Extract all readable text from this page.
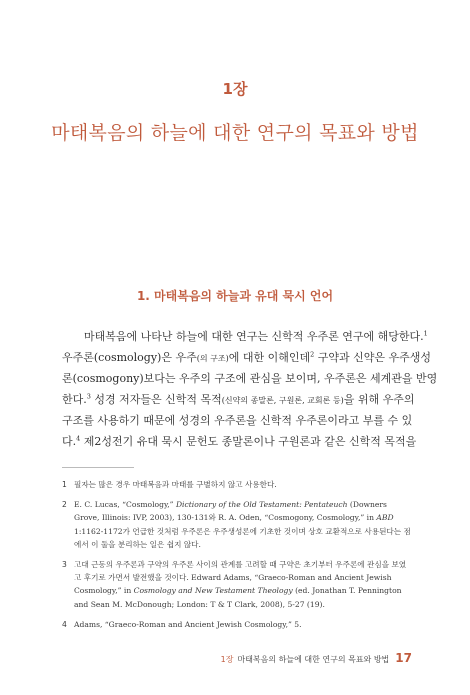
1장
마태복음의 하늘에 대한 연구의 목표와 방법
1. 마태복음의 하늘과 유대 묵시 언어
마태복음에 나타난 하늘에 대한 연구는 신학적 우주론 연구에 해당한다.$^1$
우주론(cosmology)은 우주(의 구조)에 대한 이해인데$^2$ 구약과 신약은 우주생성
론(cosmogony)보다는 우주의 구조에 관심을 보이며, 우주론은 세계관을 반영
한다.$^3$ 성경 저자들은 신학적 목적(신약의 종말론, 구원론, 교회론 등)을 위해 우주의
구조를 사용하기 때문에 성경의 우주론을 신학적 우주론이라고 부를 수 있
다.$^4$ 제2성전기 유대 묵시 문헌도 종말론이나 구원론과 같은 신학적 목적을
1 필자는 많은 경우 마태복음과 마태를 구별하지 않고 사용한다.
2 E. C. Lucas, “Cosmology,” Dictionary of the Old Testament: Pentateuch (Downers Grove, Illinois: IVP, 2003), 130-131와 R. A. Oden, “Cosmogony, Cosmology,” in ABD 1:1162-1172가 언급한 것처럼 우주론은 우주생성론에 기초한 것이며 상호 교환적으로 사용된다는 점에서 이 둘을 분리하는 일은 쉽지 않다.
3 고대 근동의 우주론과 구약의 우주론 사이의 관계를 고려할 때 구약은 초기부터 우주론에 관심을 보였고 후기로 가면서 발전했을 것이다. Edward Adams, “Graeco-Roman and Ancient Jewish Cosmology,” in Cosmology and New Testament Theology (ed. Jonathan T. Pennington and Sean M. McDonough; London: T & T Clark, 2008), 5-27 (19).
4 Adams, “Graeco-Roman and Ancient Jewish Cosmology,” 5.
1장 마태복음의 하늘에 대한 연구의 목표와 방법 17
